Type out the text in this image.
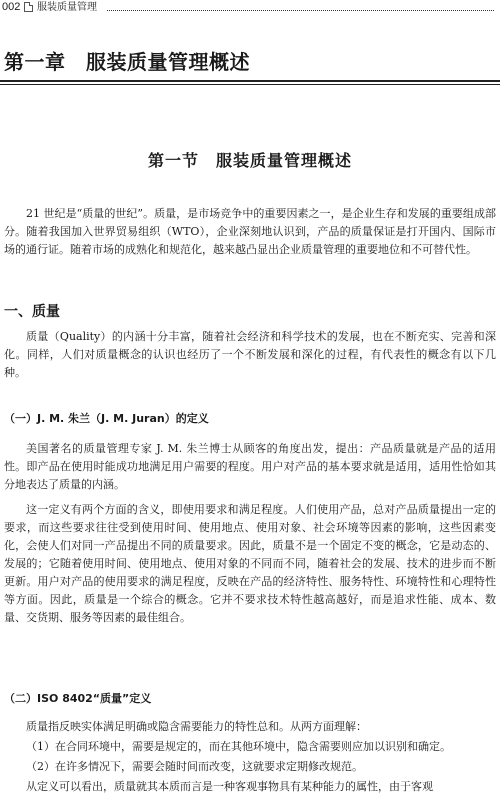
002 服装质量管理
第一章　服装质量管理概述
第一节　服装质量管理概述

21 世纪是“质量的世纪”。质量，是市场竞争中的重要因素之一，是企业生存和发展的重要组成部分。随着我国加入世界贸易组织（WTO），企业深刻地认识到，产品的质量保证是打开国内、国际市场的通行证。随着市场的成熟化和规范化，越来越凸显出企业质量管理的重要地位和不可替代性。

一、质量

质量（Quality）的内涵十分丰富，随着社会经济和科学技术的发展，也在不断充实、完善和深化。同样，人们对质量概念的认识也经历了一个不断发展和深化的过程，有代表性的概念有以下几种。

（一）J. M. 朱兰（J. M. Juran）的定义

美国著名的质量管理专家 J. M. 朱兰博士从顾客的角度出发，提出：产品质量就是产品的适用性。即产品在使用时能成功地满足用户需要的程度。用户对产品的基本要求就是适用，适用性恰如其分地表达了质量的内涵。

这一定义有两个方面的含义，即使用要求和满足程度。人们使用产品，总对产品质量提出一定的要求，而这些要求往往受到使用时间、使用地点、使用对象、社会环境等因素的影响，这些因素变化，会使人们对同一产品提出不同的质量要求。因此，质量不是一个固定不变的概念，它是动态的、发展的；它随着使用时间、使用地点、使用对象的不同而不同，随着社会的发展、技术的进步而不断更新。用户对产品的使用要求的满足程度，反映在产品的经济特性、服务特性、环境特性和心理特性等方面。因此，质量是一个综合的概念。它并不要求技术特性越高越好，而是追求性能、成本、数量、交货期、服务等因素的最佳组合。

（二）ISO 8402“质量”定义

质量指反映实体满足明确或隐含需要能力的特性总和。从两方面理解：

（1）在合同环境中，需要是规定的，而在其他环境中，隐含需要则应加以识别和确定。

（2）在许多情况下，需要会随时间而改变，这就要求定期修改规范。

从定义可以看出，质量就其本质而言是一种客观事物具有某种能力的属性，由于客观
